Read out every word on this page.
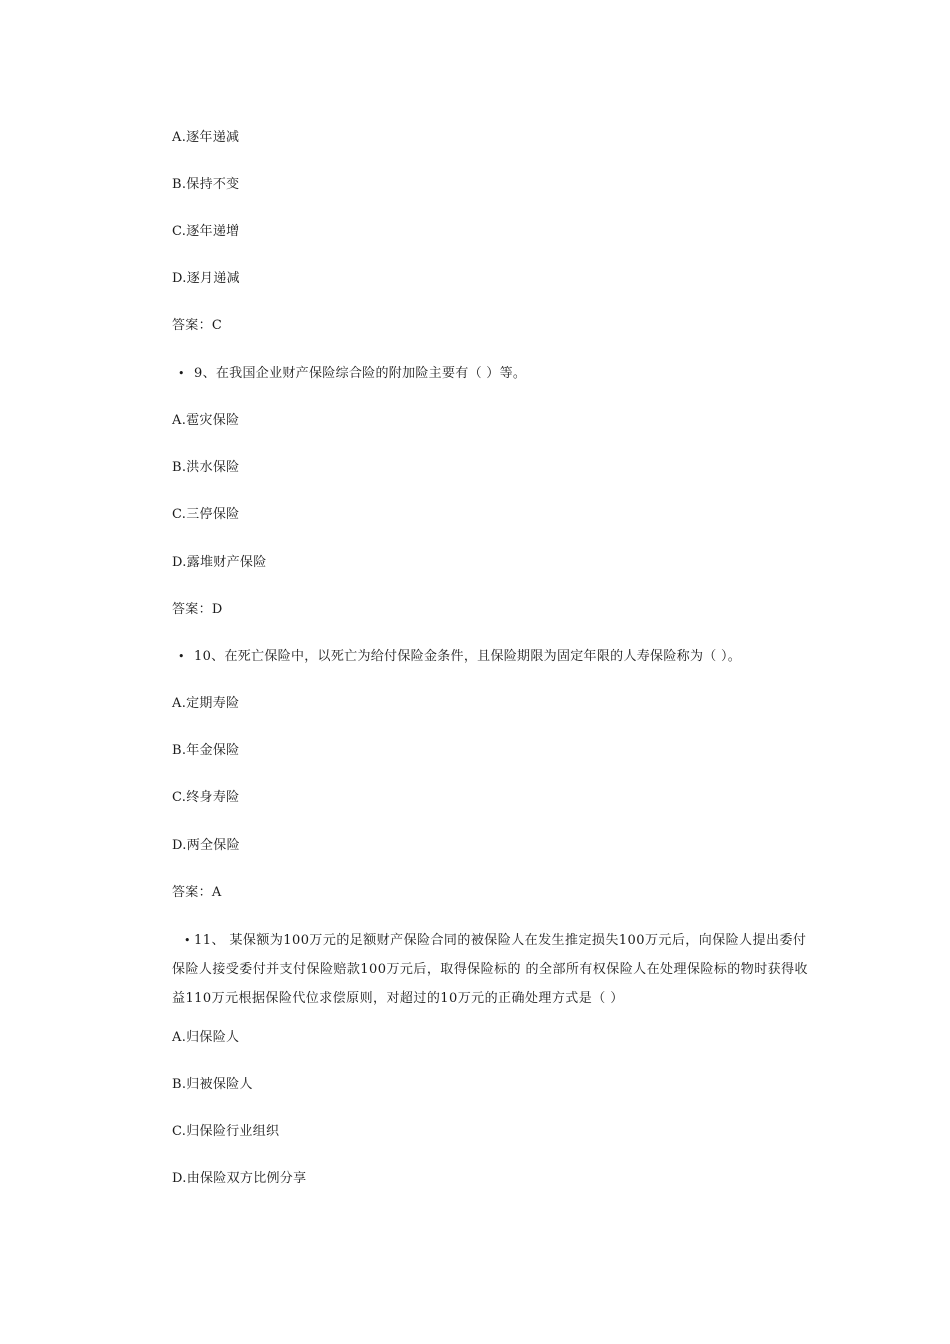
A.逐年递减
B.保持不变
C.逐年递增
D.逐月递减
答案：C
• 9、在我国企业财产保险综合险的附加险主要有（ ）等。
A.雹灾保险
B.洪水保险
C.三停保险
D.露堆财产保险
答案：D
• 10、在死亡保险中，以死亡为给付保险金条件，且保险期限为固定年限的人寿保险称为（ ）。
A.定期寿险
B.年金保险
C.终身寿险
D.两全保险
答案：A
• 11、 某保额为100万元的足额财产保险合同的被保险人在发生推定损失100万元后，向保险人提出委付保险人接受委付并支付保险赔款100万元后，取得保险标的 的全部所有权保险人在处理保险标的物时获得收益110万元根据保险代位求偿原则，对超过的10万元的正确处理方式是（ ）
A.归保险人
B.归被保险人
C.归保险行业组织
D.由保险双方比例分享
